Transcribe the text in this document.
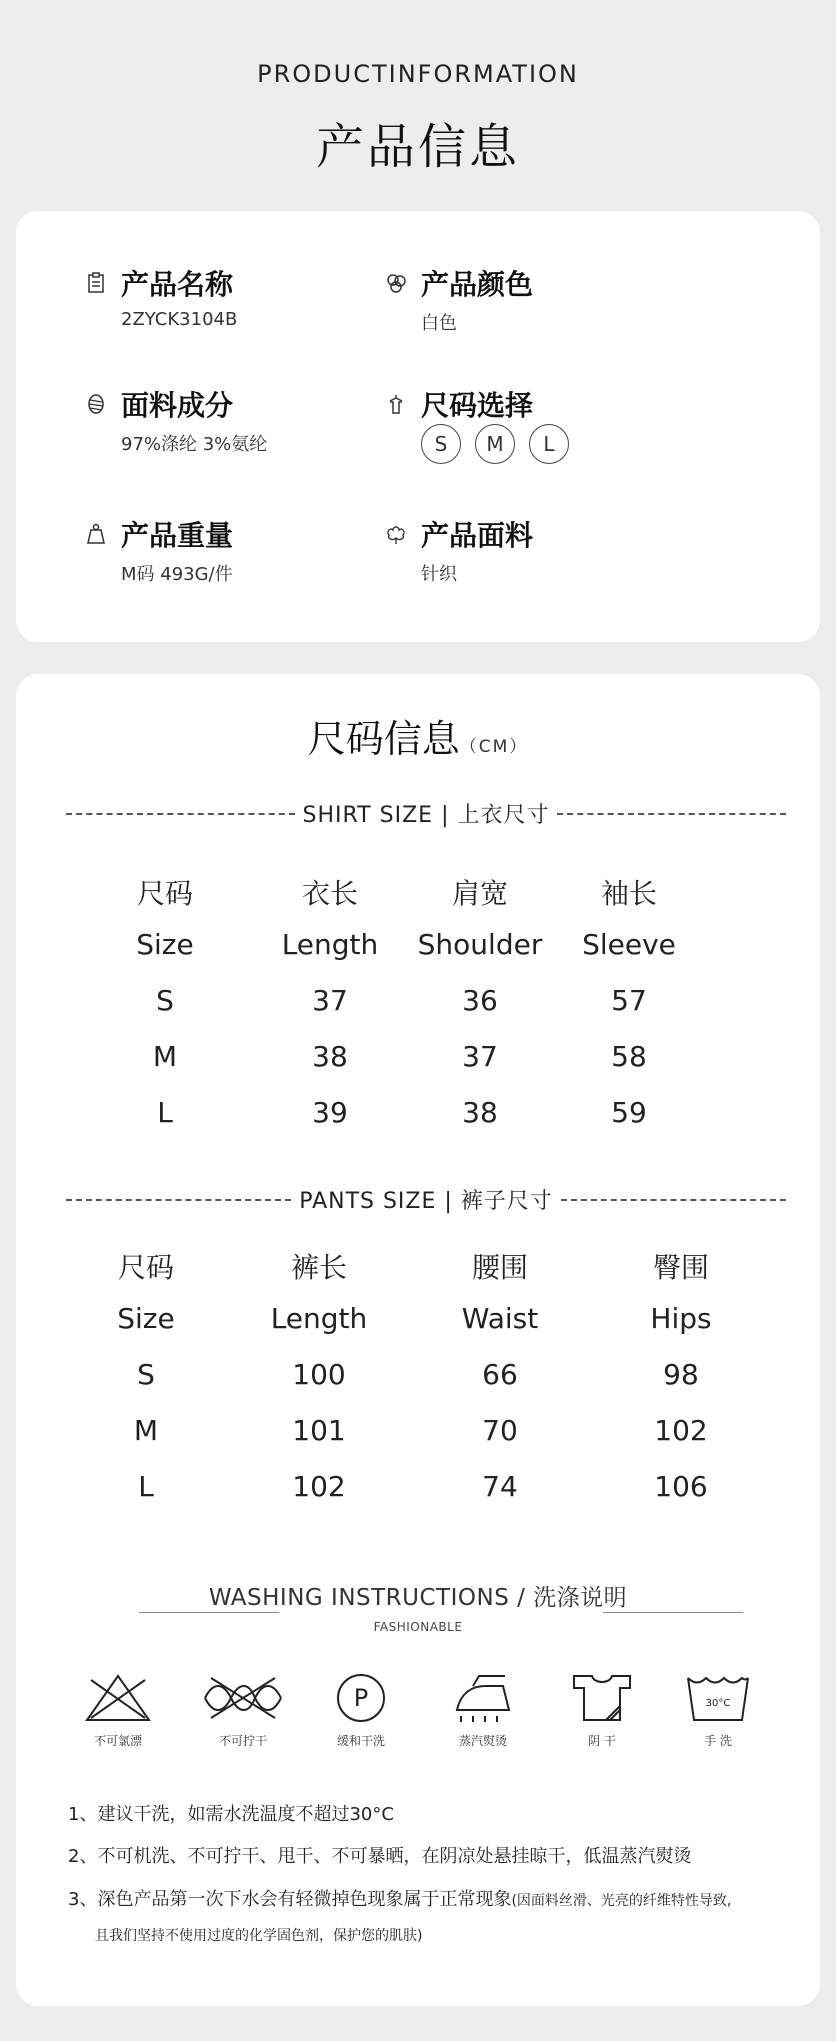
PRODUCTINFORMATION
产品信息
产品名称
2ZYCK3104B
产品颜色
白色
面料成分
97%涤纶 3%氨纶
尺码选择
S	M	L
产品重量
M码 493G/件
产品面料
针织
尺码信息（CM）
SHIRT SIZE | 上衣尺寸
尺码	衣长	肩宽	袖长
Size	Length	Shoulder	Sleeve
S	37	36	57
M	38	37	58
L	39	38	59
PANTS SIZE | 裤子尺寸
尺码	裤长	腰围	臀围
Size	Length	Waist	Hips
S	100	66	98
M	101	70	102
L	102	74	106
WASHING INSTRUCTIONS / 洗涤说明
FASHIONABLE
不可氯漂	不可拧干
P
缓和干洗	蒸汽熨烫	阴 干
30°C
手 洗
1、建议干洗，如需水洗温度不超过30°C
2、不可机洗、不可拧干、甩干、不可暴晒，在阴凉处悬挂晾干，低温蒸汽熨烫
3、深色产品第一次下水会有轻微掉色现象属于正常现象(因面料丝滑、光亮的纤维特性导致,
且我们坚持不使用过度的化学固色剂，保护您的肌肤)
